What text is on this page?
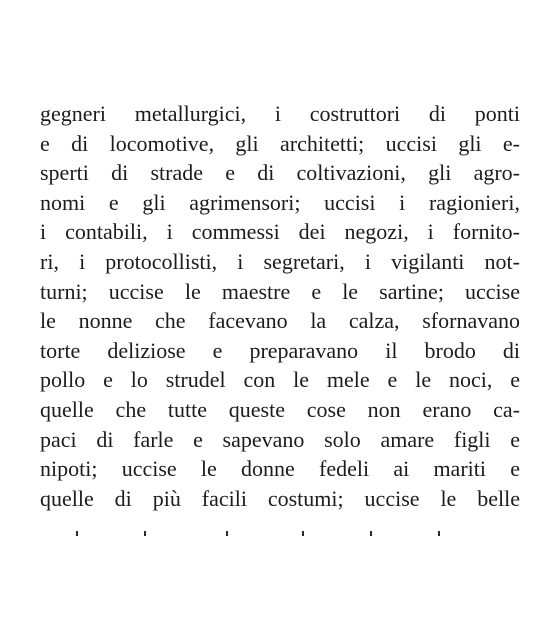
gegneri metallurgici, i costruttori di ponti
e di locomotive, gli architetti; uccisi gli e-
sperti di strade e di coltivazioni, gli agro-
nomi e gli agrimensori; uccisi i ragionieri,
i contabili, i commessi dei negozi, i fornito-
ri, i protocollisti, i segretari, i vigilanti not-
turni; uccise le maestre e le sartine; uccise
le nonne che facevano la calza, sfornavano
torte deliziose e preparavano il brodo di
pollo e lo strudel con le mele e le noci, e
quelle che tutte queste cose non erano ca-
paci di farle e sapevano solo amare figli e
nipoti; uccise le donne fedeli ai mariti e
quelle di più facili costumi; uccise le belle
